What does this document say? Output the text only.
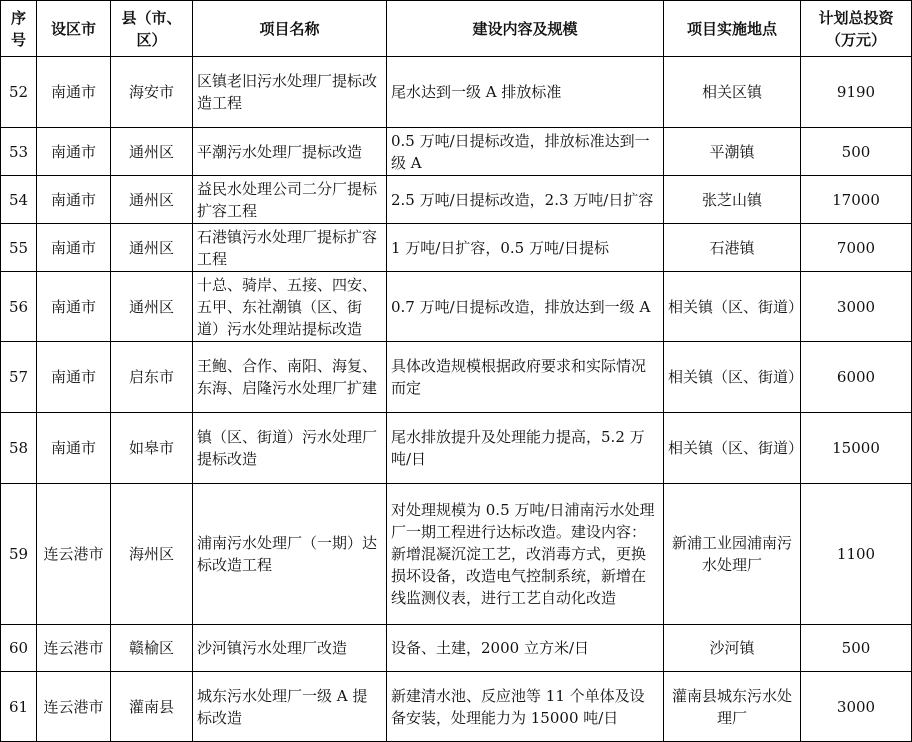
序号	设区市	县（市、区）	项目名称	建设内容及规模	项目实施地点	计划总投资（万元）
52	南通市	海安市	区镇老旧污水处理厂提标改造工程	尾水达到一级 A 排放标准	相关区镇	9190
53	南通市	通州区	平潮污水处理厂提标改造	0.5 万吨/日提标改造，排放标准达到一级 A	平潮镇	500
54	南通市	通州区	益民水处理公司二分厂提标扩容工程	2.5 万吨/日提标改造，2.3 万吨/日扩容	张芝山镇	17000
55	南通市	通州区	石港镇污水处理厂提标扩容工程	1 万吨/日扩容，0.5 万吨/日提标	石港镇	7000
56	南通市	通州区	十总、骑岸、五接、四安、五甲、东社潮镇（区、街道）污水处理站提标改造	0.7 万吨/日提标改造，排放达到一级 A	相关镇（区、街道）	3000
57	南通市	启东市	王鲍、合作、南阳、海复、东海、启隆污水处理厂扩建	具体改造规模根据政府要求和实际情况而定	相关镇（区、街道）	6000
58	南通市	如皋市	镇（区、街道）污水处理厂提标改造	尾水排放提升及处理能力提高，5.2 万吨/日	相关镇（区、街道）	15000
59	连云港市	海州区	浦南污水处理厂（一期）达标改造工程	对处理规模为 0.5 万吨/日浦南污水处理厂一期工程进行达标改造。建设内容：新增混凝沉淀工艺，改消毒方式，更换损坏设备，改造电气控制系统，新增在线监测仪表，进行工艺自动化改造	新浦工业园浦南污水处理厂	1100
60	连云港市	赣榆区	沙河镇污水处理厂改造	设备、土建，2000 立方米/日	沙河镇	500
61	连云港市	灌南县	城东污水处理厂一级 A 提标改造	新建清水池、反应池等 11 个单体及设备安装，处理能力为 15000 吨/日	灌南县城东污水处理厂	3000
